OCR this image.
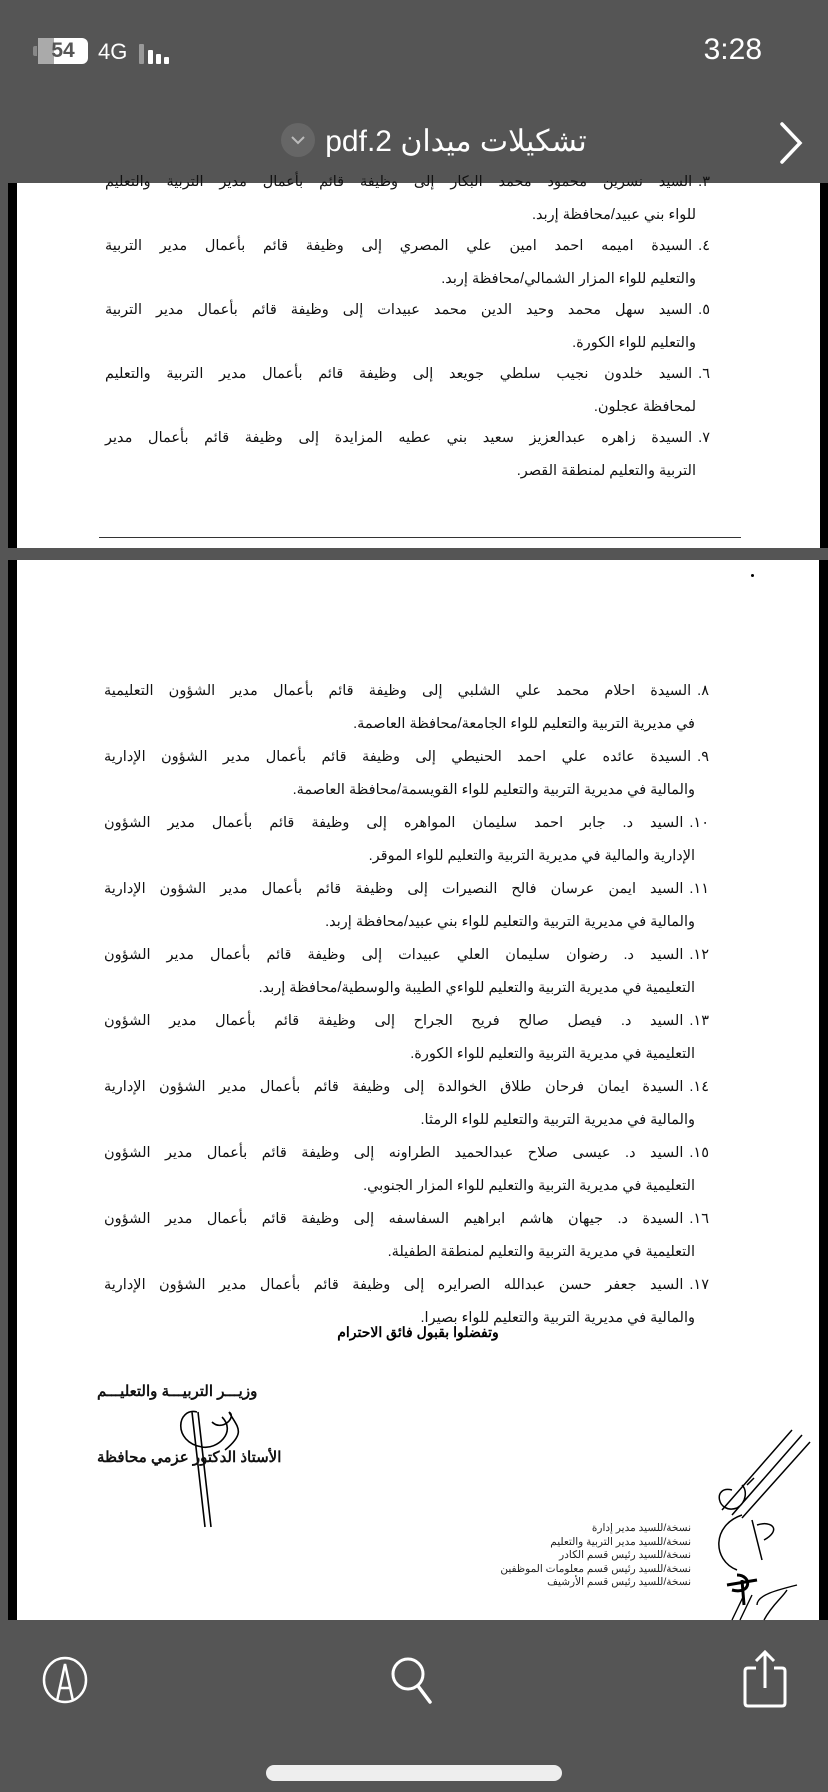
54	4G	3:28
تشكيلات ميدان 2.pdf
٣.السيد نسرين محمود محمد البكار إلى وظيفة قائم بأعمال مدير التربية والتعليم
للواء بني عبيد/محافظة إربد.
٤.السيدة اميمه احمد امين علي المصري إلى وظيفة قائم بأعمال مدير التربية
والتعليم للواء المزار الشمالي/محافظة إربد.
٥.السيد سهل محمد وحيد الدين محمد عبيدات إلى وظيفة قائم بأعمال مدير التربية
والتعليم للواء الكورة.
٦.السيد خلدون نجيب سلطي جويعد إلى وظيفة قائم بأعمال مدير التربية والتعليم
لمحافظة عجلون.
٧.السيدة زاهره عبدالعزيز سعيد بني عطيه المزايدة إلى وظيفة قائم بأعمال مدير
التربية والتعليم لمنطقة القصر.
٨.السيدة احلام محمد علي الشلبي إلى وظيفة قائم بأعمال مدير الشؤون التعليمية
في مديرية التربية والتعليم للواء الجامعة/محافظة العاصمة.
٩.السيدة عائده علي احمد الحنيطي إلى وظيفة قائم بأعمال مدير الشؤون الإدارية
والمالية في مديرية التربية والتعليم للواء القويسمة/محافظة العاصمة.
١٠.السيد د. جابر احمد سليمان المواهره إلى وظيفة قائم بأعمال مدير الشؤون
الإدارية والمالية في مديرية التربية والتعليم للواء الموقر.
١١.السيد ايمن عرسان فالح النصيرات إلى وظيفة قائم بأعمال مدير الشؤون الإدارية
والمالية في مديرية التربية والتعليم للواء بني عبيد/محافظة إربد.
١٢.السيد د. رضوان سليمان العلي عبيدات إلى وظيفة قائم بأعمال مدير الشؤون
التعليمية في مديرية التربية والتعليم للواءي الطيبة والوسطية/محافظة إربد.
١٣.السيد د. فيصل صالح فريح الجراح إلى وظيفة قائم بأعمال مدير الشؤون
التعليمية في مديرية التربية والتعليم للواء الكورة.
١٤.السيدة ايمان فرحان طلاق الخوالدة إلى وظيفة قائم بأعمال مدير الشؤون الإدارية
والمالية في مديرية التربية والتعليم للواء الرمثا.
١٥.السيد د. عيسى صلاح عبدالحميد الطراونه إلى وظيفة قائم بأعمال مدير الشؤون
التعليمية في مديرية التربية والتعليم للواء المزار الجنوبي.
١٦.السيدة د. جيهان هاشم ابراهيم السفاسفه إلى وظيفة قائم بأعمال مدير الشؤون
التعليمية في مديرية التربية والتعليم لمنطقة الطفيلة.
١٧.السيد جعفر حسن عبدالله الصرايره إلى وظيفة قائم بأعمال مدير الشؤون الإدارية
والمالية في مديرية التربية والتعليم للواء بصيرا.
وتفضلوا بقبول فائق الاحترام
وزيـــر التربيـــة والتعليـــم
الأستاذ الدكتور عزمي محافظة
نسخة/للسيد مدير إدارة
نسخة/للسيد مدير التربية والتعليم
نسخة/للسيد رئيس قسم الكادر
نسخة/للسيد رئيس قسم معلومات الموظفين
نسخة/للسيد رئيس قسم الأرشيف
